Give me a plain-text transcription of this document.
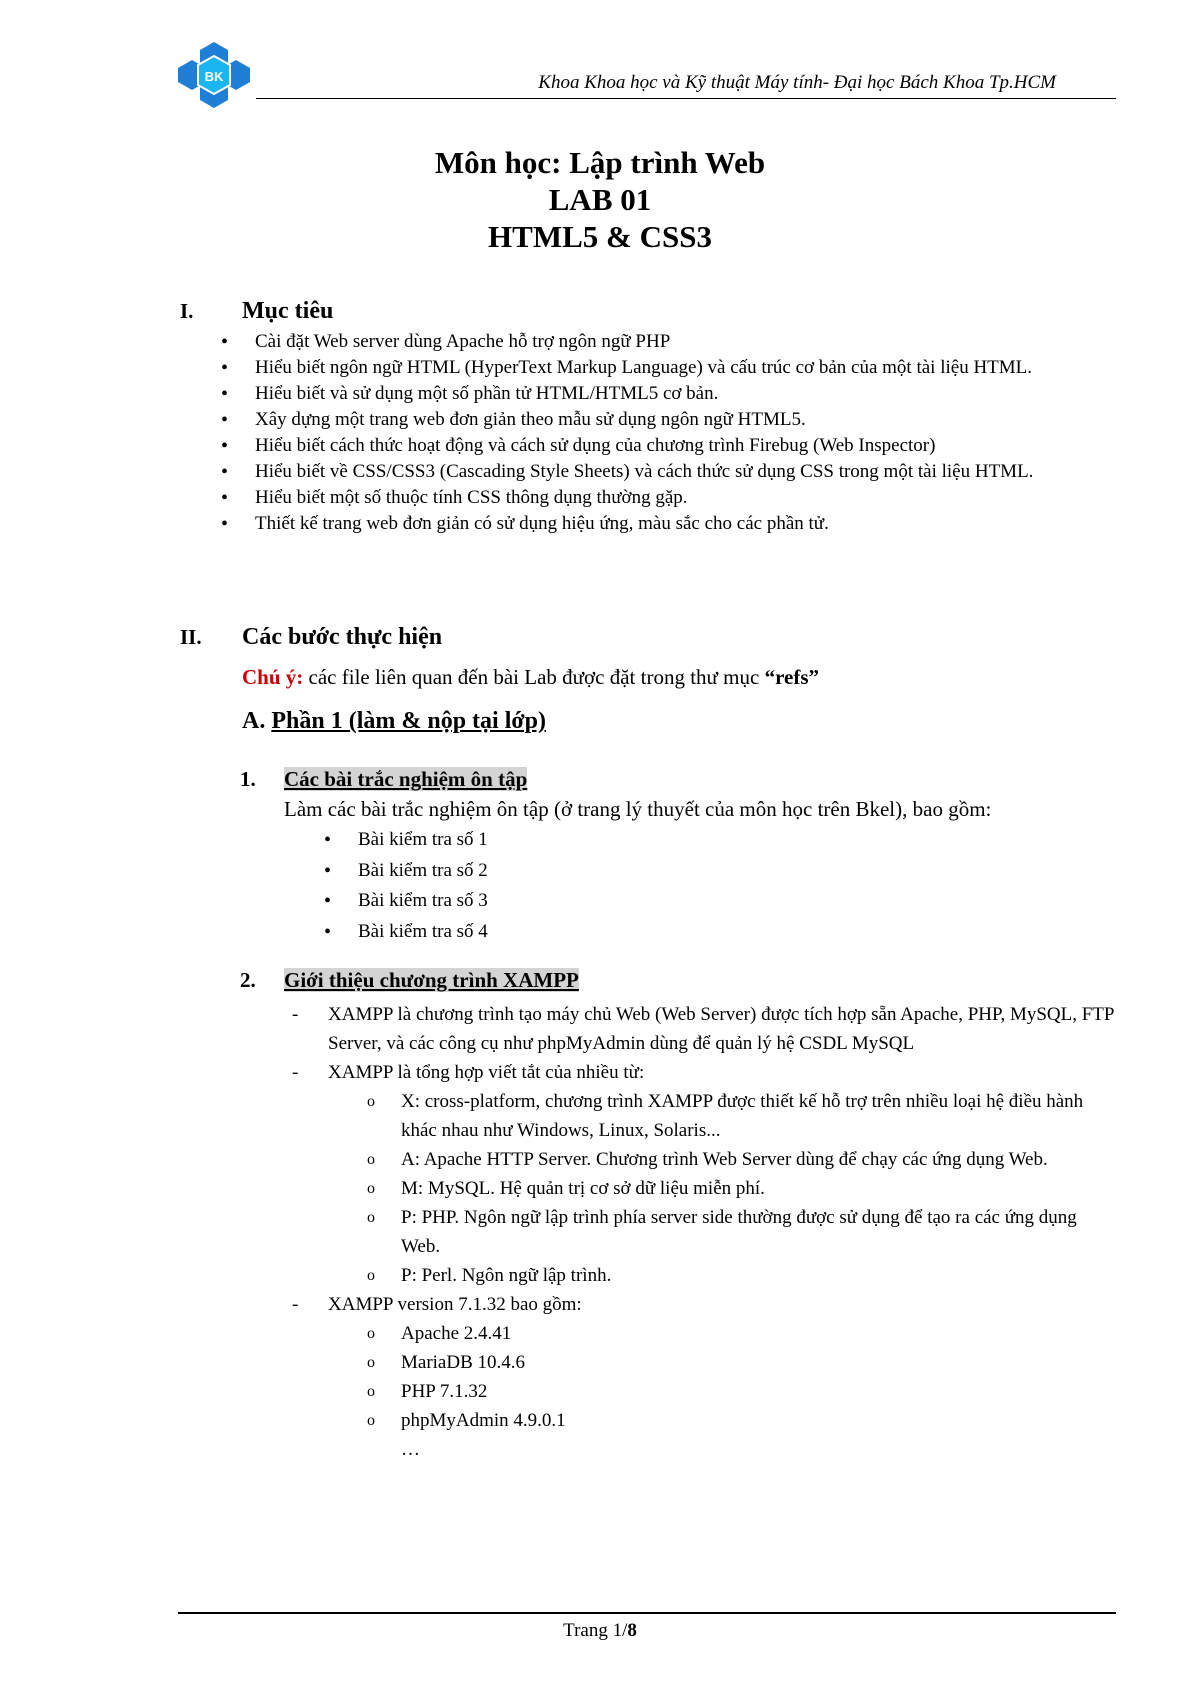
BK	Khoa Khoa học và Kỹ thuật Máy tính- Đại học Bách Khoa Tp.HCM
Môn học: Lập trình Web
LAB 01
HTML5 & CSS3
I. Mục tiêu
• Cài đặt Web server dùng Apache hỗ trợ ngôn ngữ PHP
• Hiểu biết ngôn ngữ HTML (HyperText Markup Language) và cấu trúc cơ bản của một tài liệu HTML.
• Hiểu biết và sử dụng một số phần tử HTML/HTML5 cơ bản.
• Xây dựng một trang web đơn giản theo mẫu sử dụng ngôn ngữ HTML5.
• Hiểu biết cách thức hoạt động và cách sử dụng của chương trình Firebug (Web Inspector)
• Hiểu biết về CSS/CSS3 (Cascading Style Sheets) và cách thức sử dụng CSS trong một tài liệu HTML.
• Hiểu biết một số thuộc tính CSS thông dụng thường gặp.
• Thiết kế trang web đơn giản có sử dụng hiệu ứng, màu sắc cho các phần tử.
II. Các bước thực hiện
Chú ý: các file liên quan đến bài Lab được đặt trong thư mục “refs”
A. Phần 1 (làm & nộp tại lớp)
1. Các bài trắc nghiệm ôn tập
Làm các bài trắc nghiệm ôn tập (ở trang lý thuyết của môn học trên Bkel), bao gồm:
• Bài kiểm tra số 1
• Bài kiểm tra số 2
• Bài kiểm tra số 3
• Bài kiểm tra số 4
2. Giới thiệu chương trình XAMPP
- XAMPP là chương trình tạo máy chủ Web (Web Server) được tích hợp sẵn Apache, PHP, MySQL, FTP Server, và các công cụ như phpMyAdmin dùng để quản lý hệ CSDL MySQL
- XAMPP là tổng hợp viết tắt của nhiều từ:
o X: cross-platform, chương trình XAMPP được thiết kế hỗ trợ trên nhiều loại hệ điều hành khác nhau như Windows, Linux, Solaris...
o A: Apache HTTP Server. Chương trình Web Server dùng để chạy các ứng dụng Web.
o M: MySQL. Hệ quản trị cơ sở dữ liệu miễn phí.
o P: PHP. Ngôn ngữ lập trình phía server side thường được sử dụng để tạo ra các ứng dụng Web.
o P: Perl. Ngôn ngữ lập trình.
- XAMPP version 7.1.32 bao gồm:
o Apache 2.4.41
o MariaDB 10.4.6
o PHP 7.1.32
o phpMyAdmin 4.9.0.1
…
Trang 1/8
